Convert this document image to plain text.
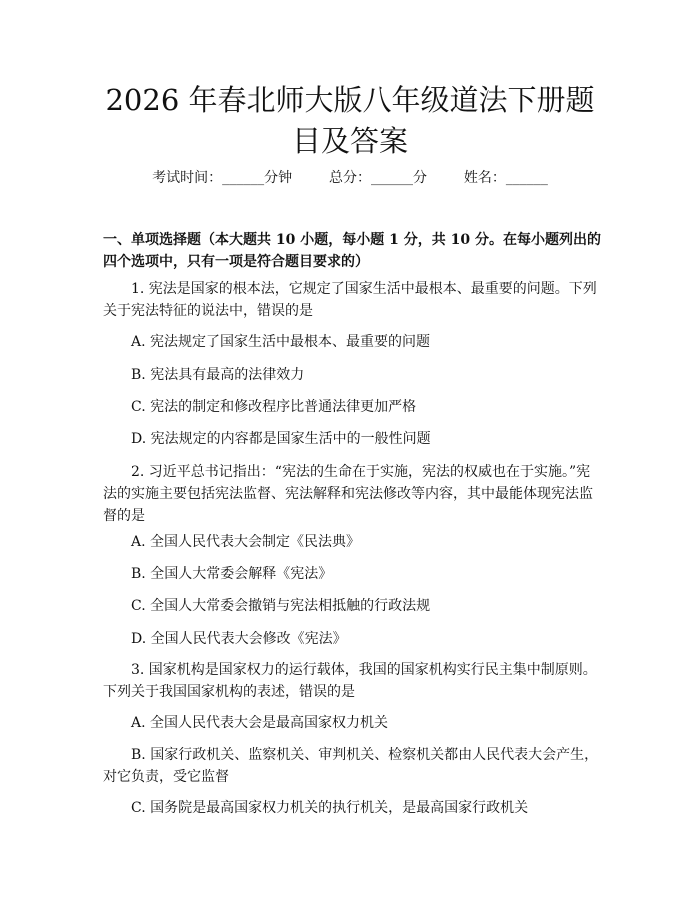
2026 年春北师大版八年级道法下册题目及答案
考试时间：______分钟	总分：______分	姓名：______
一、单项选择题（本大题共 10 小题，每小题 1 分，共 10 分。在每小题列出的四个选项中，只有一项是符合题目要求的）
1. 宪法是国家的根本法，它规定了国家生活中最根本、最重要的问题。下列关于宪法特征的说法中，错误的是
A. 宪法规定了国家生活中最根本、最重要的问题
B. 宪法具有最高的法律效力
C. 宪法的制定和修改程序比普通法律更加严格
D. 宪法规定的内容都是国家生活中的一般性问题
2. 习近平总书记指出：“宪法的生命在于实施，宪法的权威也在于实施。”宪法的实施主要包括宪法监督、宪法解释和宪法修改等内容，其中最能体现宪法监督的是
A. 全国人民代表大会制定《民法典》
B. 全国人大常委会解释《宪法》
C. 全国人大常委会撤销与宪法相抵触的行政法规
D. 全国人民代表大会修改《宪法》
3. 国家机构是国家权力的运行载体，我国的国家机构实行民主集中制原则。下列关于我国国家机构的表述，错误的是
A. 全国人民代表大会是最高国家权力机关
B. 国家行政机关、监察机关、审判机关、检察机关都由人民代表大会产生，对它负责，受它监督
C. 国务院是最高国家权力机关的执行机关，是最高国家行政机关
